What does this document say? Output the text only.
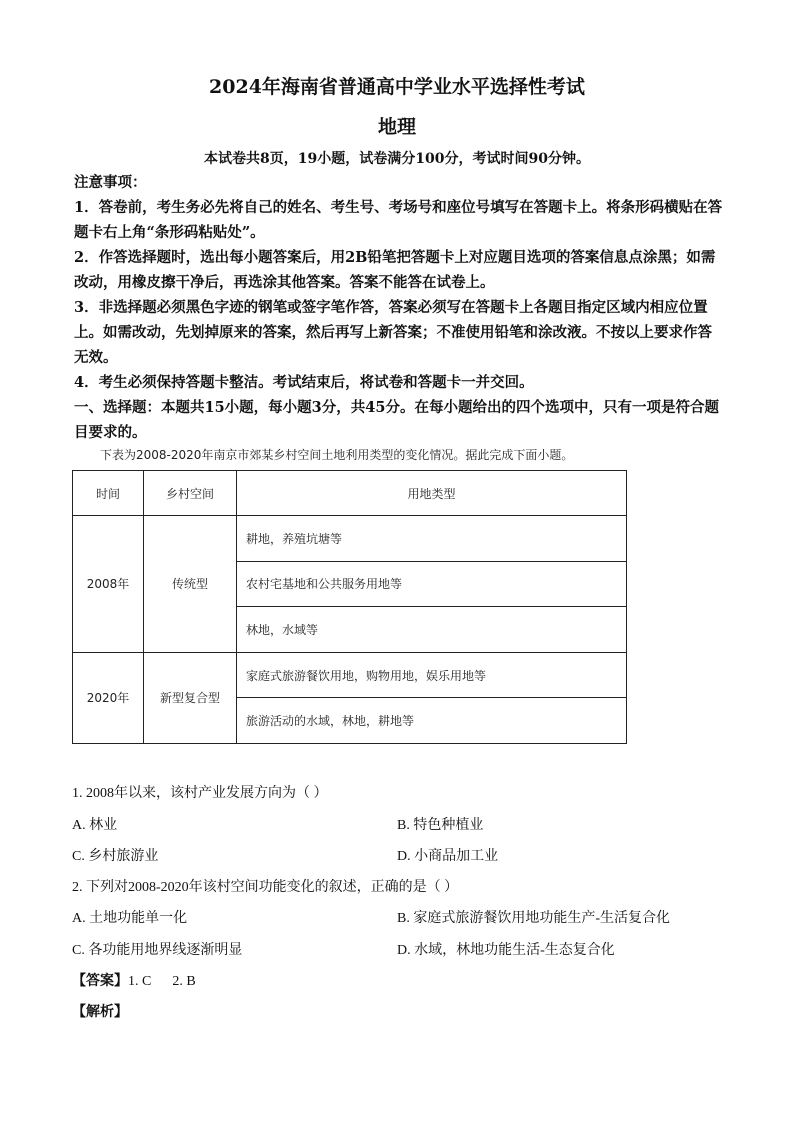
2024年海南省普通高中学业水平选择性考试
地理
本试卷共8页，19小题，试卷满分100分，考试时间90分钟。

注意事项：

1．答卷前，考生务必先将自己的姓名、考生号、考场号和座位号填写在答题卡上。将条形码横贴在答题卡右上角“条形码粘贴处”。

2．作答选择题时，选出每小题答案后，用2B铅笔把答题卡上对应题目选项的答案信息点涂黑；如需改动，用橡皮擦干净后，再选涂其他答案。答案不能答在试卷上。

3．非选择题必须黑色字迹的钢笔或签字笔作答，答案必须写在答题卡上各题目指定区域内相应位置上。如需改动，先划掉原来的答案，然后再写上新答案；不准使用铅笔和涂改液。不按以上要求作答无效。

4．考生必须保持答题卡整洁。考试结束后，将试卷和答题卡一并交回。

一、选择题：本题共15小题，每小题3分，共45分。在每小题给出的四个选项中，只有一项是符合题目要求的。

下表为2008-2020年南京市郊某乡村空间土地利用类型的变化情况。据此完成下面小题。
时间	乡村空间	用地类型
2008年	传统型	耕地，养殖坑塘等
		农村宅基地和公共服务用地等
		林地，水域等
2020年	新型复合型	家庭式旅游餐饮用地，购物用地，娱乐用地等
		旅游活动的水域，林地，耕地等
1. 2008年以来，该村产业发展方向为（ ）
A. 林业	B. 特色种植业
C. 乡村旅游业	D. 小商品加工业
2. 下列对2008-2020年该村空间功能变化的叙述，正确的是（ ）
A. 土地功能单一化	B. 家庭式旅游餐饮用地功能生产-生活复合化
C. 各功能用地界线逐渐明显	D. 水域，林地功能生活-生态复合化
【答案】1. C      2. B
【解析】
